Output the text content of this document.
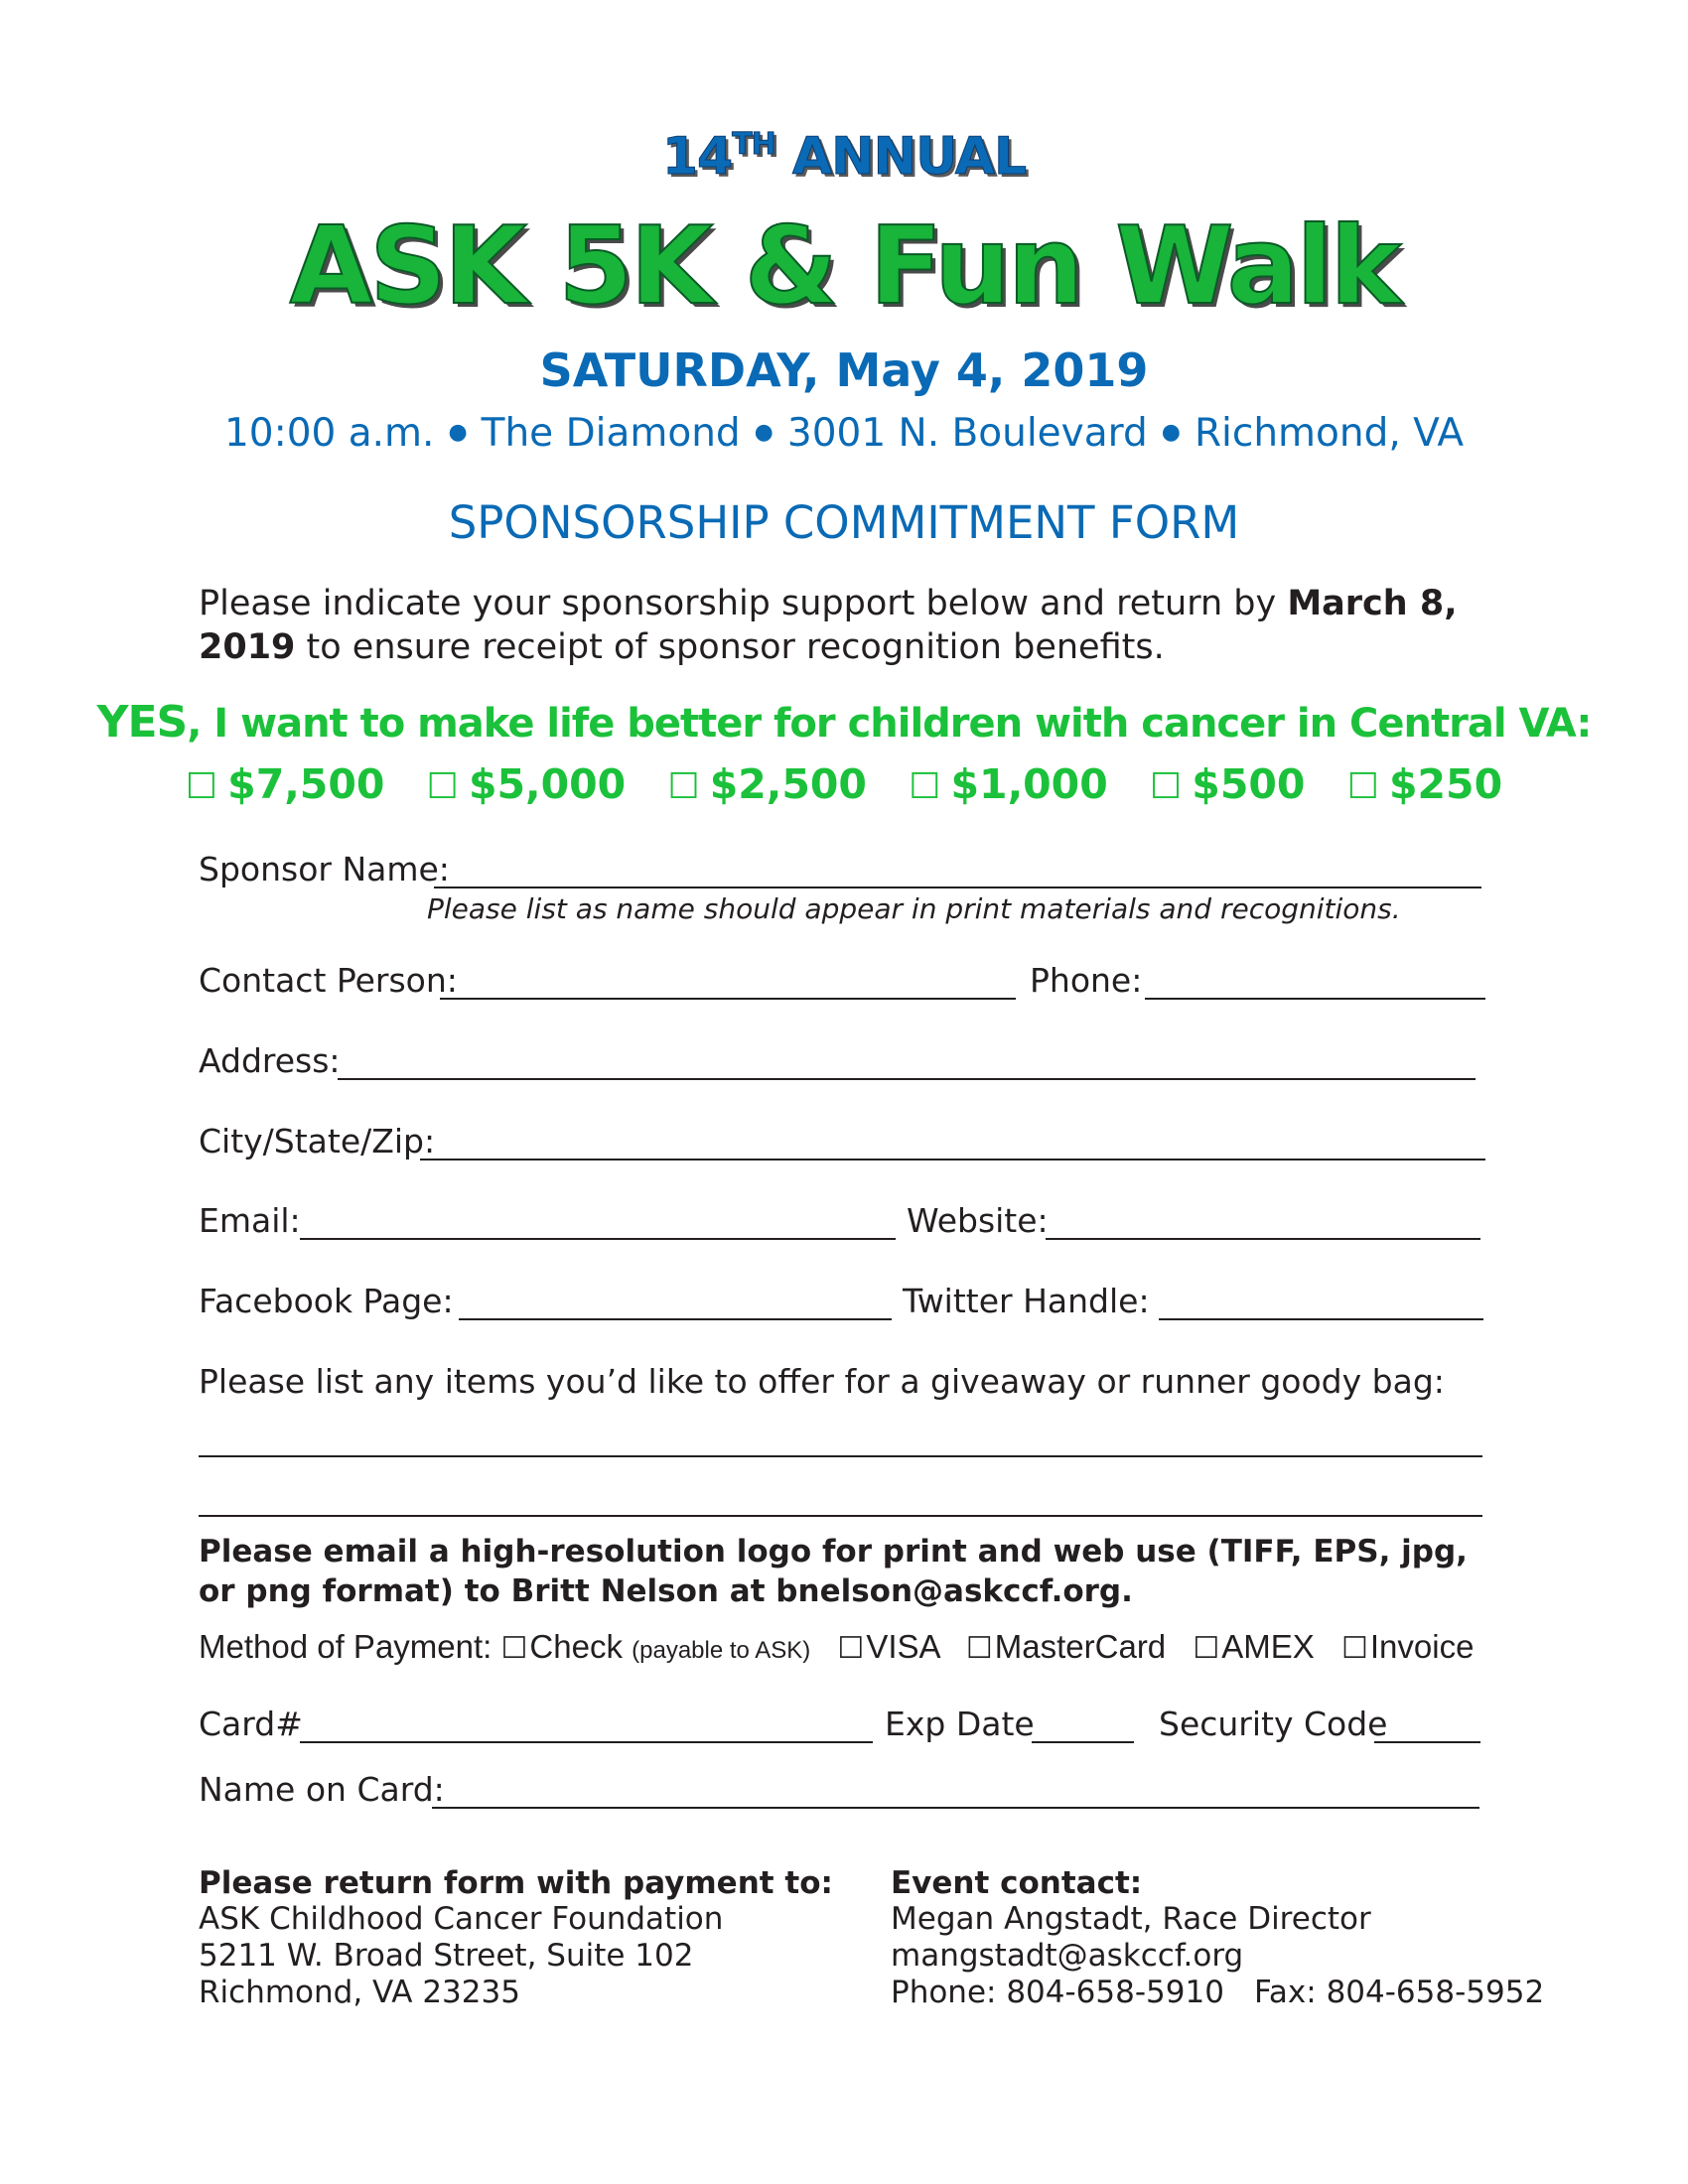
14TH ANNUAL
ASK 5K & Fun Walk
SATURDAY, May 4, 2019
10:00 a.m. ● The Diamond ● 3001 N. Boulevard ● Richmond, VA
SPONSORSHIP COMMITMENT FORM
Please indicate your sponsorship support below and return by March 8, 2019 to ensure receipt of sponsor recognition benefits.
YES, I want to make life better for children with cancer in Central VA:
☐ $7,500 ☐ $5,000 ☐ $2,500 ☐ $1,000 ☐ $500 ☐ $250
Sponsor Name:
Please list as name should appear in print materials and recognitions.
Contact Person:	Phone:
Address:
City/State/Zip:
Email:	Website:
Facebook Page:	Twitter Handle:
Please list any items you’d like to offer for a giveaway or runner goody bag:
Please email a high-resolution logo for print and web use (TIFF, EPS, jpg, or png format) to Britt Nelson at bnelson@askccf.org.
Method of Payment: ☐Check (payable to ASK) ☐VISA ☐MasterCard ☐AMEX ☐Invoice
Card#	Exp Date	Security Code
Name on Card:
Please return form with payment to:
ASK Childhood Cancer Foundation
5211 W. Broad Street, Suite 102
Richmond, VA 23235
Event contact:
Megan Angstadt, Race Director
mangstadt@askccf.org
Phone: 804-658-5910 Fax: 804-658-5952
